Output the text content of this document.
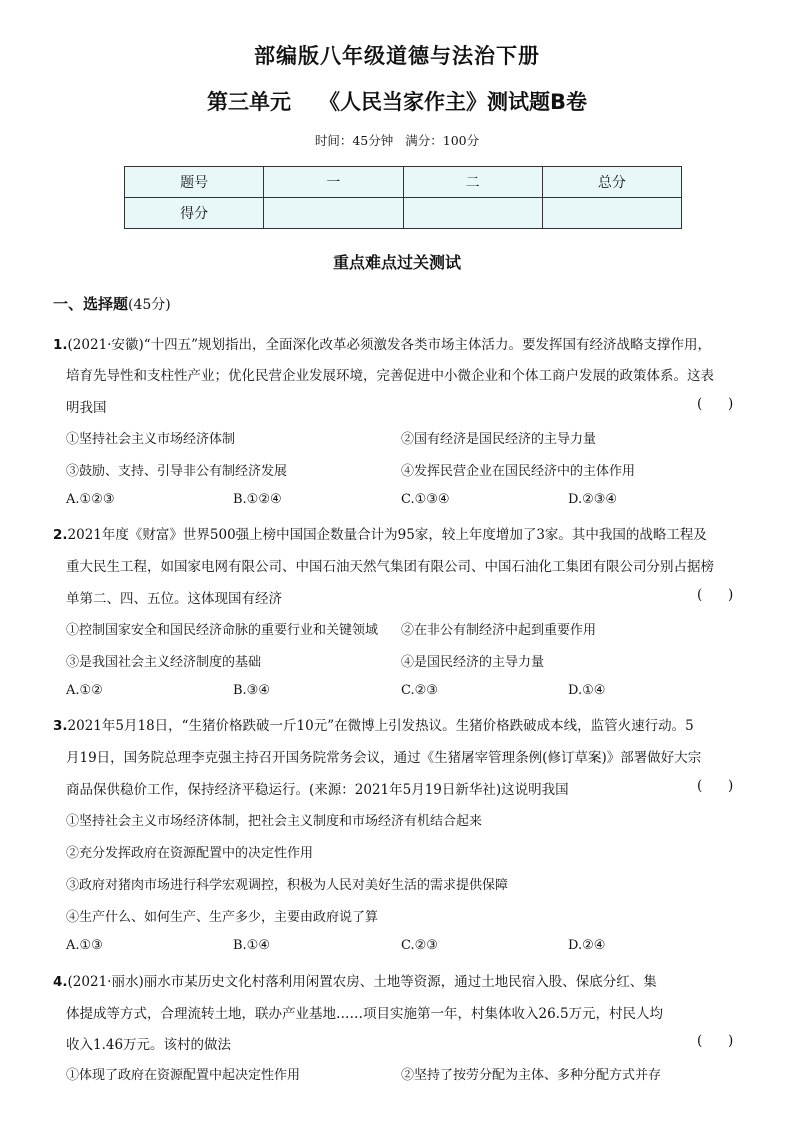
部编版八年级道德与法治下册
第三单元 《人民当家作主》测试题B卷
时间：45分钟 满分：100分
题号	一	二	总分
得分			
重点难点过关测试
一、选择题(45分)
1.(2021·安徽)“十四五”规划指出，全面深化改革必须激发各类市场主体活力。要发挥国有经济战略支撑作用，
培育先导性和支柱性产业；优化民营企业发展环境，完善促进中小微企业和个体工商户发展的政策体系。这表
明我国	(      )
①坚持社会主义市场经济体制	②国有经济是国民经济的主导力量
③鼓励、支持、引导非公有制经济发展	④发挥民营企业在国民经济中的主体作用
A.①②③	B.①②④	C.①③④	D.②③④
2.2021年度《财富》世界500强上榜中国国企数量合计为95家，较上年度增加了3家。其中我国的战略工程及
重大民生工程，如国家电网有限公司、中国石油天然气集团有限公司、中国石油化工集团有限公司分别占据榜
单第二、四、五位。这体现国有经济	(      )
①控制国家安全和国民经济命脉的重要行业和关键领域 ②在非公有制经济中起到重要作用
③是我国社会主义经济制度的基础	④是国民经济的主导力量
A.①②	B.③④	C.②③	D.①④
3.2021年5月18日，“生猪价格跌破一斤10元”在微博上引发热议。生猪价格跌破成本线，监管火速行动。5
月19日，国务院总理李克强主持召开国务院常务会议，通过《生猪屠宰管理条例(修订草案)》部署做好大宗
商品保供稳价工作，保持经济平稳运行。(来源：2021年5月19日新华社)这说明我国	(      )
①坚持社会主义市场经济体制，把社会主义制度和市场经济有机结合起来
②充分发挥政府在资源配置中的决定性作用
③政府对猪肉市场进行科学宏观调控，积极为人民对美好生活的需求提供保障
④生产什么、如何生产、生产多少，主要由政府说了算
A.①③	B.①④	C.②③	D.②④
4.(2021·丽水)丽水市某历史文化村落利用闲置农房、土地等资源，通过土地民宿入股、保底分红、集
体提成等方式，合理流转土地，联办产业基地……项目实施第一年，村集体收入26.5万元，村民人均
收入1.46万元。该村的做法	(      )
①体现了政府在资源配置中起决定性作用	②坚持了按劳分配为主体、多种分配方式并存
